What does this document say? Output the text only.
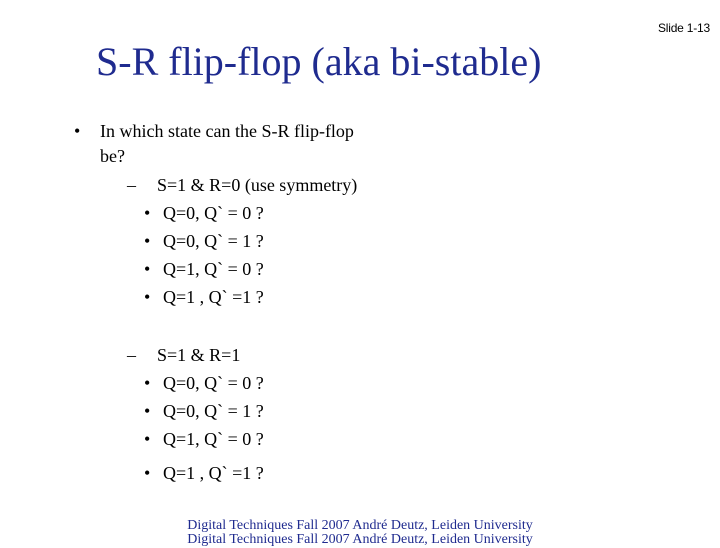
Slide 1-13
S-R flip-flop (aka bi-stable)
• In which state can the S-R flip-flop
be?
– S=1 & R=0 (use symmetry)
• Q=0, Q` = 0 ?
• Q=0, Q` = 1 ?
• Q=1, Q` = 0 ?
• Q=1 , Q` =1 ?
– S=1 & R=1
• Q=0, Q` = 0 ?
• Q=0, Q` = 1 ?
• Q=1, Q` = 0 ?
• Q=1 , Q` =1 ?
Digital Techniques Fall 2007 André Deutz, Leiden University
Digital Techniques Fall 2007 André Deutz, Leiden University
